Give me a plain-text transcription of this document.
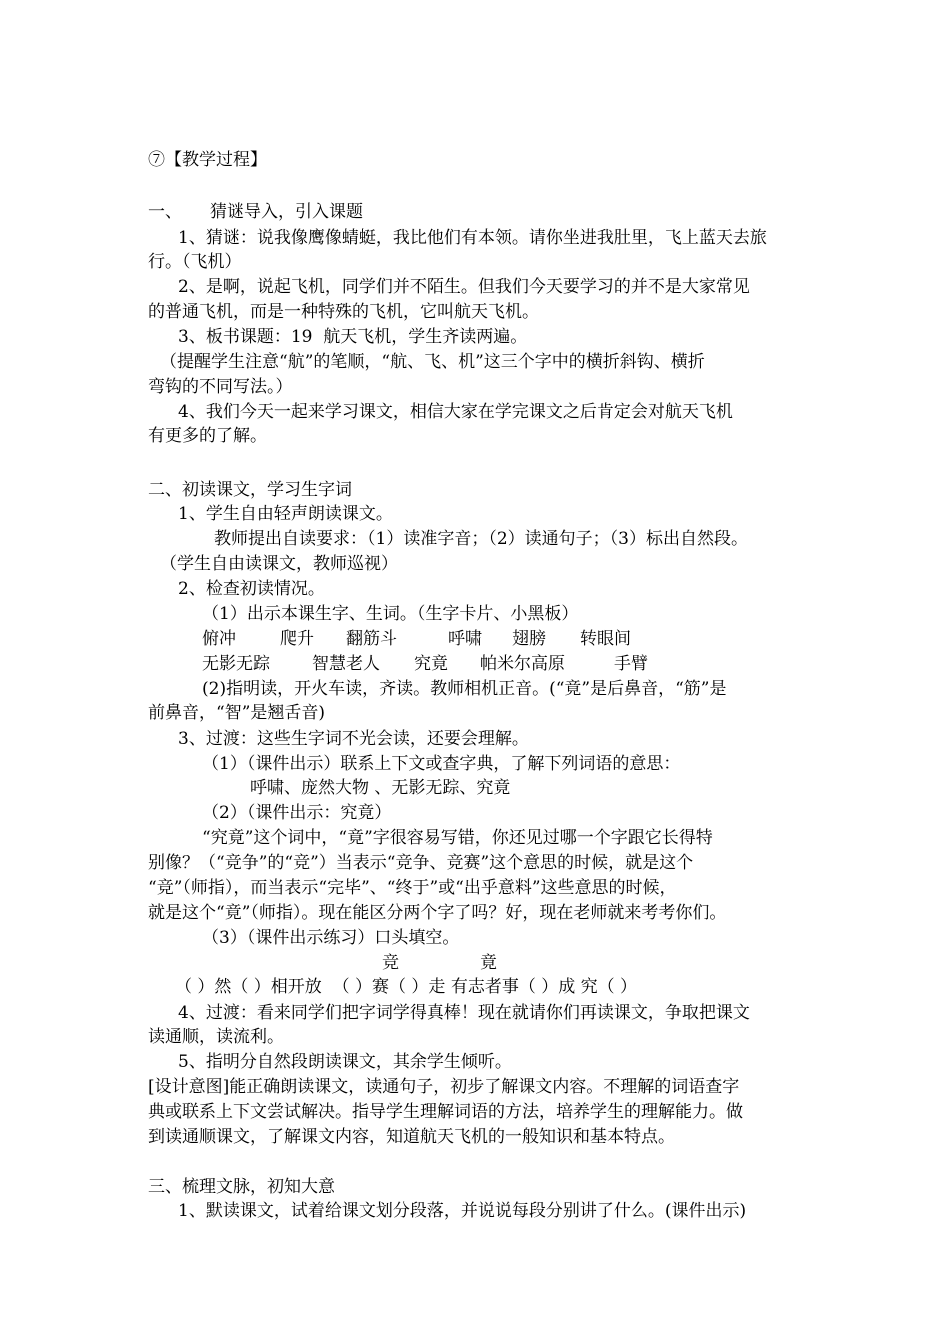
⑦【教学过程】
一、 猜谜导入，引入课题
1、猜谜：说我像鹰像蜻蜓，我比他们有本领。请你坐进我肚里，飞上蓝天去旅
行。（飞机）
2、是啊，说起飞机，同学们并不陌生。但我们今天要学习的并不是大家常见
的普通飞机，而是一种特殊的飞机，它叫航天飞机。
3、板书课题：19  航天飞机，学生齐读两遍。
（提醒学生注意“航”的笔顺，“航、飞、机”这三个字中的横折斜钩、横折
弯钩的不同写法。）
4、我们今天一起来学习课文，相信大家在学完课文之后肯定会对航天飞机
有更多的了解。
二、初读课文，学习生字词
1、学生自由轻声朗读课文。
教师提出自读要求：（1）读准字音；（2）读通句子；（3）标出自然段。
（学生自由读课文，教师巡视）
2、检查初读情况。
（1）出示本课生字、生词。（生字卡片、小黑板）
俯冲	爬升 翻筋斗	呼啸 翅膀 转眼间
无影无踪 智慧老人 究竟 帕米尔高原	手臂
(2)指明读，开火车读，齐读。教师相机正音。(“竟”是后鼻音，“筋”是
前鼻音，“智”是翘舌音)
3、过渡：这些生字词不光会读，还要会理解。
（1）（课件出示）联系上下文或查字典，了解下列词语的意思：
呼啸、庞然大物 、无影无踪、究竟
（2）（课件出示：究竟）
“究竟”这个词中，“竟”字很容易写错，你还见过哪一个字跟它长得特
别像？（“竞争”的“竞”）当表示“竞争、竞赛”这个意思的时候，就是这个
“竞”（师指），而当表示“完毕”、“终于”或“出乎意料”这些意思的时候，
就是这个“竟”（师指）。现在能区分两个字了吗？好，现在老师就来考考你们。
（3）（课件出示练习）口头填空。
竞	竟
（ ）然（ ）相开放  （ ）赛（ ）走 有志者事（ ）成 究（ ）
4、过渡：看来同学们把字词学得真棒！现在就请你们再读课文，争取把课文
读通顺，读流利。
5、指明分自然段朗读课文，其余学生倾听。
[设计意图]能正确朗读课文，读通句子，初步了解课文内容。不理解的词语查字
典或联系上下文尝试解决。指导学生理解词语的方法，培养学生的理解能力。做
到读通顺课文，了解课文内容，知道航天飞机的一般知识和基本特点。
三、梳理文脉，初知大意
1、默读课文，试着给课文划分段落，并说说每段分别讲了什么。(课件出示)
